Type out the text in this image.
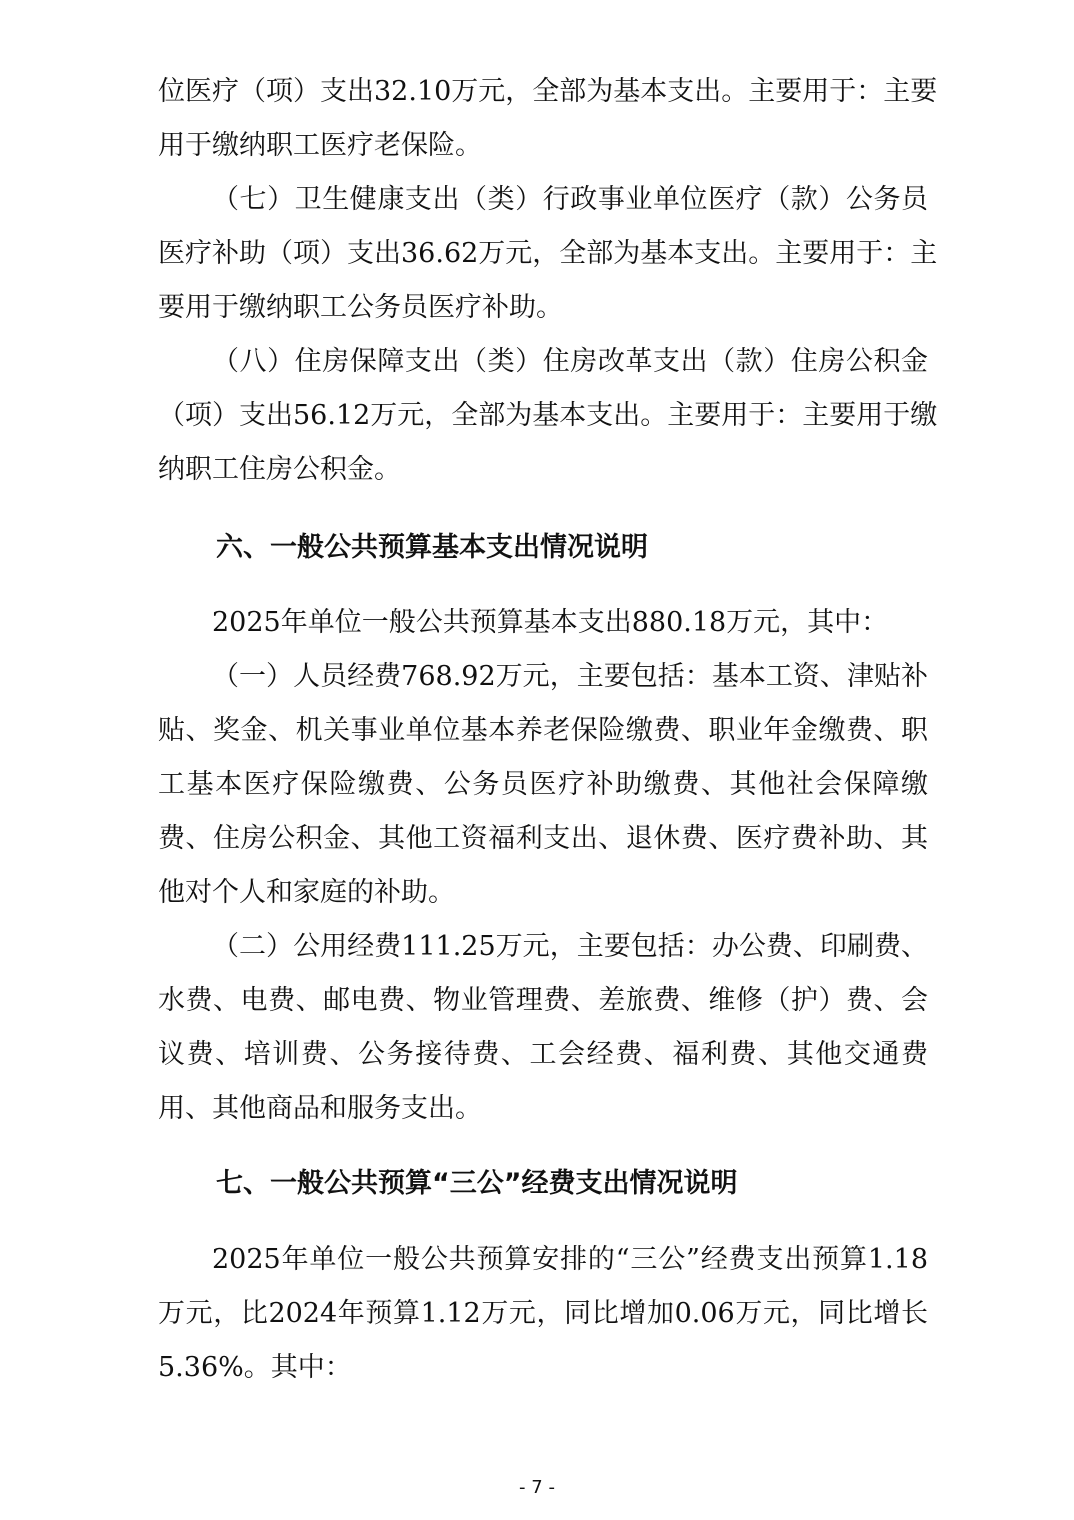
位医疗（项）支出32.10万元，全部为基本支出。主要用于：主要
用于缴纳职工医疗老保险。
（七）卫生健康支出（类）行政事业单位医疗（款）公务员
医疗补助（项）支出36.62万元，全部为基本支出。主要用于：主
要用于缴纳职工公务员医疗补助。
（八）住房保障支出（类）住房改革支出（款）住房公积金
（项）支出56.12万元，全部为基本支出。主要用于：主要用于缴
纳职工住房公积金。
六、一般公共预算基本支出情况说明
2025年单位一般公共预算基本支出880.18万元，其中：
（一）人员经费768.92万元，主要包括：基本工资、津贴补
贴、奖金、机关事业单位基本养老保险缴费、职业年金缴费、职
工基本医疗保险缴费、公务员医疗补助缴费、其他社会保障缴
费、住房公积金、其他工资福利支出、退休费、医疗费补助、其
他对个人和家庭的补助。
（二）公用经费111.25万元，主要包括：办公费、印刷费、
水费、电费、邮电费、物业管理费、差旅费、维修（护）费、会
议费、培训费、公务接待费、工会经费、福利费、其他交通费
用、其他商品和服务支出。
七、一般公共预算“三公”经费支出情况说明
2025年单位一般公共预算安排的“三公”经费支出预算1.18
万元，比2024年预算1.12万元，同比增加0.06万元，同比增长
5.36%。其中：
- 7 -
